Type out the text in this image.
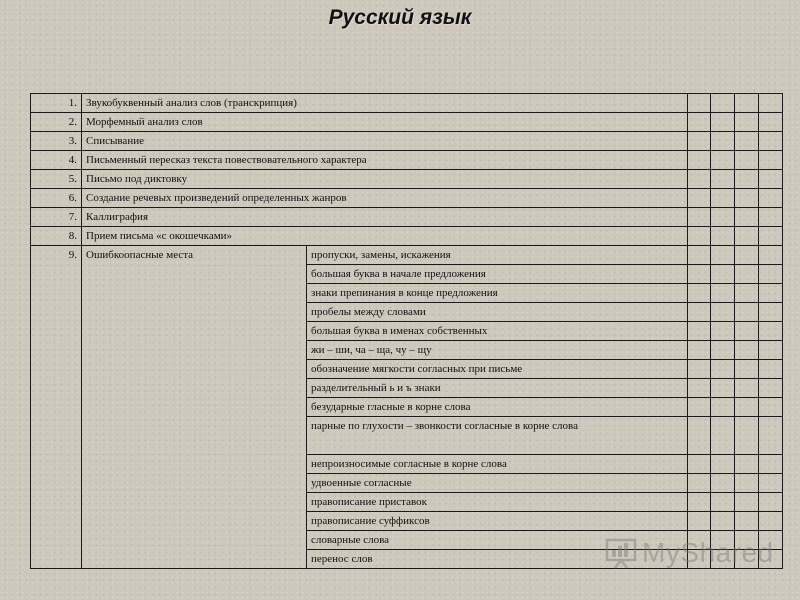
Русский язык
1.	Звукобуквенный анализ слов (транскрипция)					
2.	Морфемный анализ слов					
3.	Списывание					
4.	Письменный пересказ текста повествовательного характера					
5.	Письмо под диктовку					
6.	Создание речевых произведений определенных жанров					
7.	Каллиграфия					
8.	Прием письма «с окошечками»					
9.	Ошибкоопасные места	пропуски, замены, искажения				
		большая буква в начале предложения				
		знаки препинания в конце предложения				
		пробелы между словами				
		большая буква в именах собственных				
		жи – ши, ча – ща, чу – щу				
		обозначение мягкости согласных при письме				
		разделительный ь и ъ знаки				
		безударные гласные в корне слова				
		парные по глухости – звонкости согласные в корне слова				
		непроизносимые согласные в корне слова				
		удвоенные согласные				
		правописание приставок				
		правописание суффиксов				
		словарные слова				
		перенос слов					MyShared
